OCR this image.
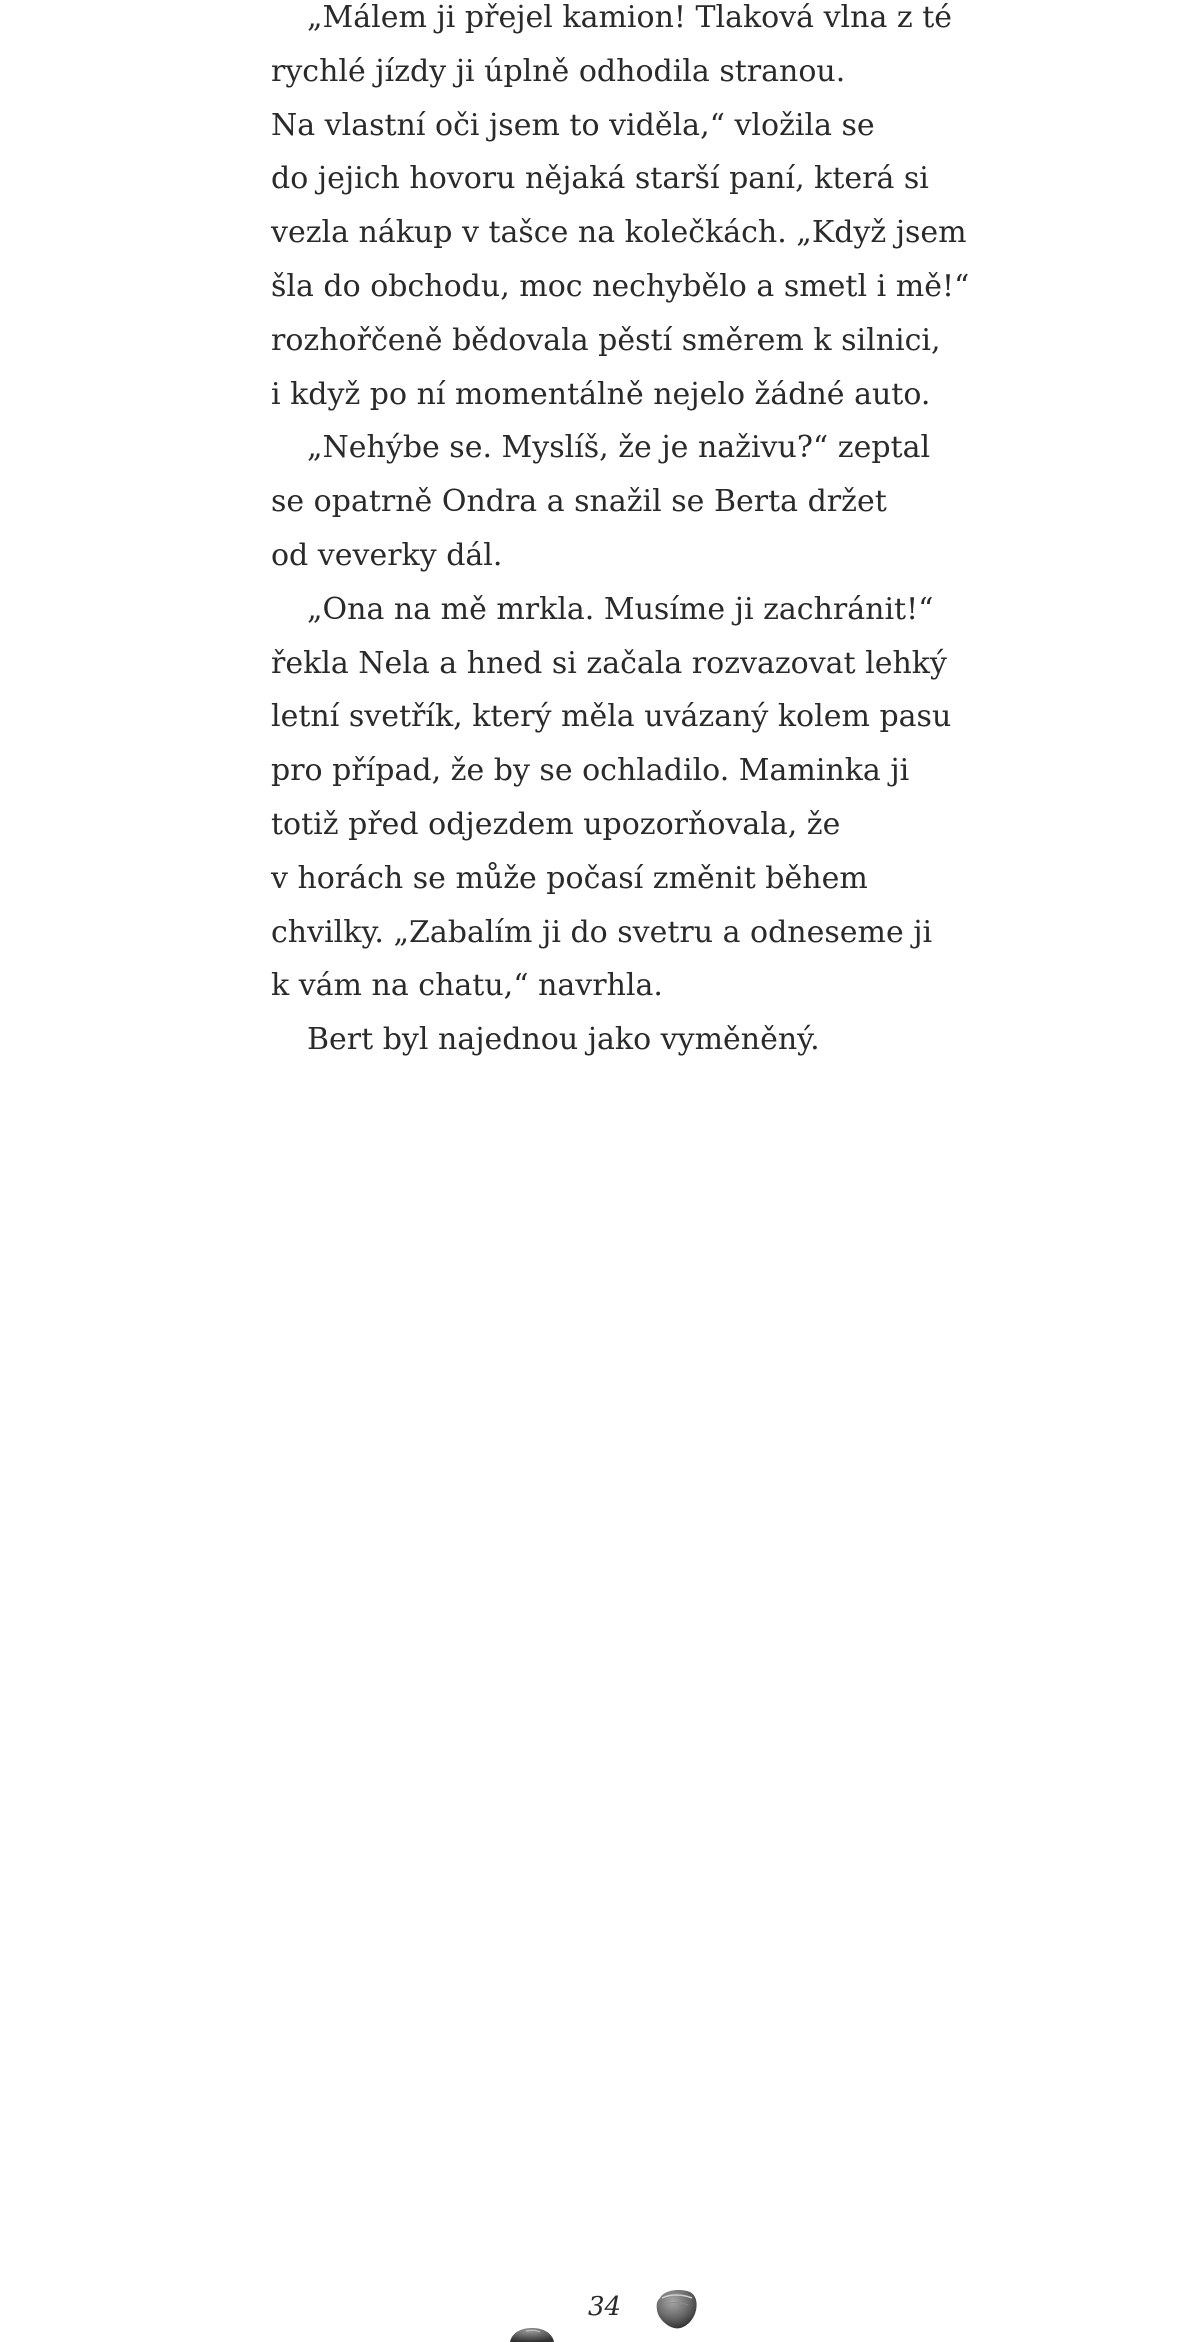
„Málem ji přejel kamion! Tlaková vlna z té
rychlé jízdy ji úplně odhodila stranou.
Na vlastní oči jsem to viděla,“ vložila se
do jejich hovoru nějaká starší paní, která si
vezla nákup v tašce na kolečkách. „Když jsem
šla do obchodu, moc nechybělo a smetl i mě!“
rozhořčeně bědovala pěstí směrem k silnici,
i když po ní momentálně nejelo žádné auto.
„Nehýbe se. Myslíš, že je naživu?“ zeptal
se opatrně Ondra a snažil se Berta držet
od veverky dál.
„Ona na mě mrkla. Musíme ji zachránit!“
řekla Nela a hned si začala rozvazovat lehký
letní svetřík, který měla uvázaný kolem pasu
pro případ, že by se ochladilo. Maminka ji
totiž před odjezdem upozorňovala, že
v horách se může počasí změnit během
chvilky. „Zabalím ji do svetru a odneseme ji
k vám na chatu,“ navrhla.
Bert byl najednou jako vyměněný.
34
